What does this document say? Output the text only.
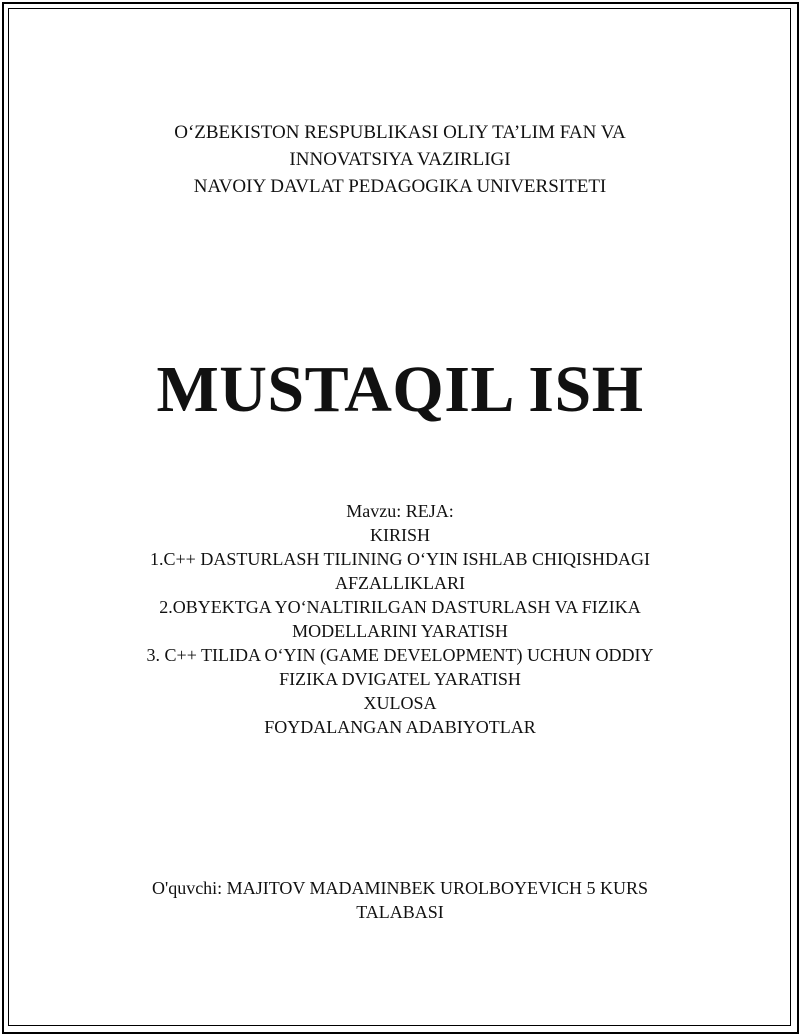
O‘ZBEKISTON RESPUBLIKASI OLIY TA’LIM FAN VA
INNOVATSIYA VAZIRLIGI
NAVOIY DAVLAT PEDAGOGIKA UNIVERSITETI
MUSTAQIL ISH
Mavzu: REJA:
KIRISH
1.C++ DASTURLASH TILINING O‘YIN ISHLAB CHIQISHDAGI
AFZALLIKLARI
2.OBYEKTGA YO‘NALTIRILGAN DASTURLASH VA FIZIKA
MODELLARINI YARATISH
3. C++ TILIDA O‘YIN (GAME DEVELOPMENT) UCHUN ODDIY
FIZIKA DVIGATEL YARATISH
XULOSA
FOYDALANGAN ADABIYOTLAR
O'quvchi: MAJITOV MADAMINBEK UROLBOYEVICH 5 KURS
TALABASI
